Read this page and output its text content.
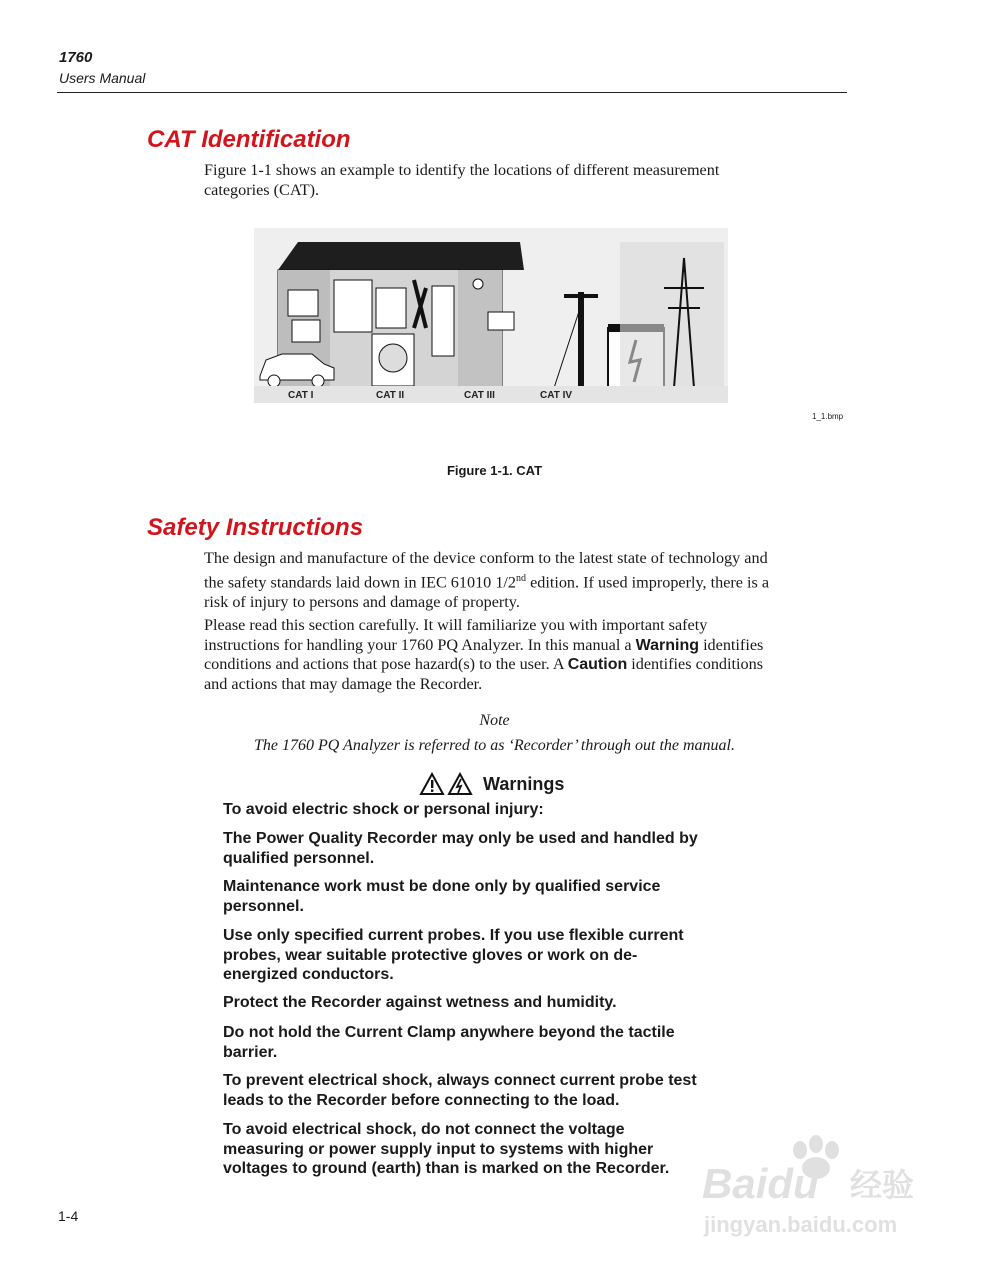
1760
Users Manual
CAT Identification

Figure 1-1 shows an example to identify the locations of different measurement
categories (CAT).

CAT I	CAT II	CAT III	CAT IV
1_1.bmp
Figure 1-1. CAT
Safety Instructions

The design and manufacture of the device conform to the latest state of technology and
the safety standards laid down in IEC 61010 1/2nd edition. If used improperly, there is a
risk of injury to persons and damage of property.

Please read this section carefully. It will familiarize you with important safety
instructions for handling your 1760 PQ Analyzer. In this manual a Warning identifies
conditions and actions that pose hazard(s) to the user. A Caution identifies conditions
and actions that may damage the Recorder.

Note
The 1760 PQ Analyzer is referred to as ‘Recorder’ through out the manual.
Warnings

To avoid electric shock or personal injury:

The Power Quality Recorder may only be used and handled by
qualified personnel.

Maintenance work must be done only by qualified service
personnel.

Use only specified current probes. If you use flexible current
probes, wear suitable protective gloves or work on de-
energized conductors.

Protect the Recorder against wetness and humidity.

Do not hold the Current Clamp anywhere beyond the tactile
barrier.

To prevent electrical shock, always connect current probe test
leads to the Recorder before connecting to the load.

To avoid electrical shock, do not connect the voltage
measuring or power supply input to systems with higher
voltages to ground (earth) than is marked on the Recorder.

1-4
Baidu 经验
jingyan.baidu.com
